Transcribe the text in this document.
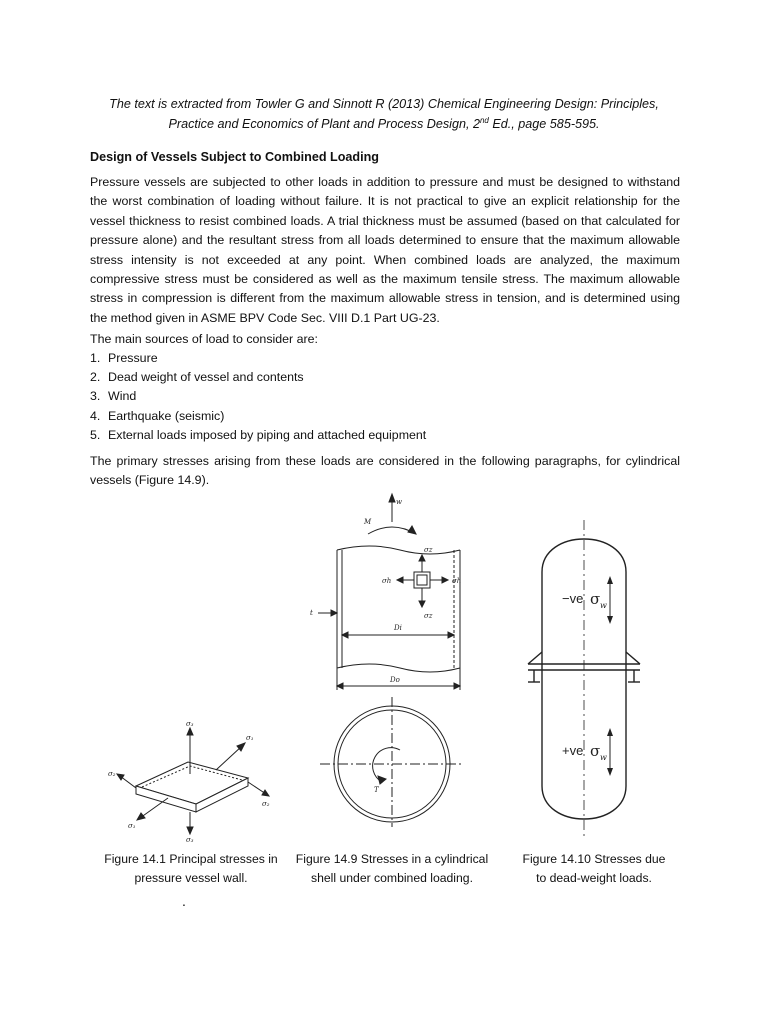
The text is extracted from Towler G and Sinnott R (2013) Chemical Engineering Design: Principles,
Practice and Economics of Plant and Process Design, 2nd Ed., page 585-595.
Design of Vessels Subject to Combined Loading
Pressure vessels are subjected to other loads in addition to pressure and must be designed to withstand
the worst combination of loading without failure. It is not practical to give an explicit relationship for the
vessel thickness to resist combined loads. A trial thickness must be assumed (based on that calculated for
pressure alone) and the resultant stress from all loads determined to ensure that the maximum allowable
stress intensity is not exceeded at any point. When combined loads are analyzed, the maximum
compressive stress must be considered as well as the maximum tensile stress. The maximum allowable
stress in compression is different from the maximum allowable stress in tension, and is determined using
the method given in ASME BPV Code Sec. VIII D.1 Part UG-23.
The main sources of load to consider are:
1. Pressure
2. Dead weight of vessel and contents
3. Wind
4. Earthquake (seismic)
5. External loads imposed by piping and attached equipment
The primary stresses arising from these loads are considered in the following paragraphs, for cylindrical
vessels (Figure 14.9).
w
M
σz
σz
σh	σh
t
Di
Do
T
σ₃
σ₃
σ₁
σ₁
σ₂
σ₂
−ve σ w
+ve σ w
Figure 14.1 Principal stresses in
pressure vessel wall.
Figure 14.9 Stresses in a cylindrical
shell under combined loading.
Figure 14.10 Stresses due
to dead-weight loads.
.
